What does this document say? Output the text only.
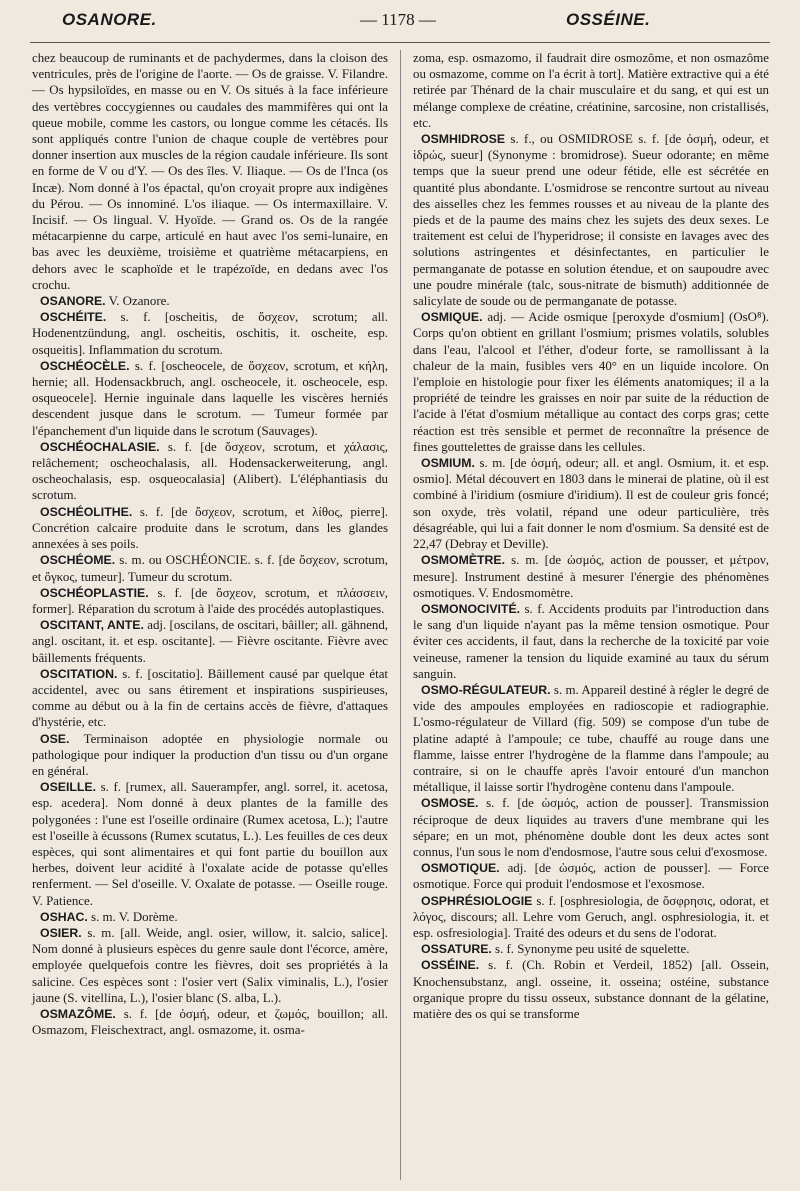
OSANORE.	— 1178 —	OSSÉINE.

chez beaucoup de ruminants et de pachydermes, dans la cloison des ventricules, près de l'origine de l'aorte. — Os de graisse. V. Filandre. — Os hypsiloïdes, en masse ou en V. Os situés à la face inférieure des vertèbres coccygiennes ou caudales des mammifères qui ont la queue mobile, comme les castors, ou longue comme les cétacés. Ils sont appliqués contre l'union de chaque couple de vertèbres pour donner insertion aux muscles de la région caudale inférieure. Ils sont en forme de V ou d'Y. — Os des îles. V. Iliaque. — Os de l'Inca (os Incæ). Nom donné à l'os épactal, qu'on croyait propre aux indigènes du Pérou. — Os innominé. L'os iliaque. — Os intermaxillaire. V. Incisif. — Os lingual. V. Hyoïde. — Grand os. Os de la rangée métacarpienne du carpe, articulé en haut avec l'os semi-lunaire, en bas avec les deuxième, troisième et quatrième métacarpiens, en dehors avec le scaphoïde et le trapézoïde, en dedans avec l'os crochu.

OSANORE. V. Ozanore.

OSCHÉITE. s. f. [oscheitis, de ὄσχεον, scrotum; all. Hodenentzündung, angl. oscheitis, oschitis, it. oscheite, esp. osqueitis]. Inflammation du scrotum.

OSCHÉOCÈLE. s. f. [oscheocele, de ὄσχεον, scrotum, et κήλη, hernie; all. Hodensackbruch, angl. oscheocele, it. oscheocele, esp. osqueocele]. Hernie inguinale dans laquelle les viscères herniés descendent jusque dans le scrotum. — Tumeur formée par l'épanchement d'un liquide dans le scrotum (Sauvages).

OSCHÉOCHALASIE. s. f. [de ὄσχεον, scrotum, et χάλασις, relâchement; oscheochalasis, all. Hodensackerweiterung, angl. oscheochalasis, esp. osqueocalasia] (Alibert). L'éléphantiasis du scrotum.

OSCHÉOLITHE. s. f. [de ὄσχεον, scrotum, et λίθος, pierre]. Concrétion calcaire produite dans le scrotum, dans les glandes annexées à ses poils.

OSCHÉOME. s. m. ou OSCHÉONCIE. s. f. [de ὄσχεον, scrotum, et ὄγκος, tumeur]. Tumeur du scrotum.

OSCHÉOPLASTIE. s. f. [de ὄσχεον, scrotum, et πλάσσειν, former]. Réparation du scrotum à l'aide des procédés autoplastiques.

OSCITANT, ANTE. adj. [oscilans, de oscitari, bâiller; all. gähnend, angl. oscitant, it. et esp. oscitante]. — Fièvre oscitante. Fièvre avec bâillements fréquents.

OSCITATION. s. f. [oscitatio]. Bâillement causé par quelque état accidentel, avec ou sans étirement et inspirations suspirieuses, comme au début ou à la fin de certains accès de fièvre, d'attaques d'hystérie, etc.

OSE. Terminaison adoptée en physiologie normale ou pathologique pour indiquer la production d'un tissu ou d'un organe en général.

OSEILLE. s. f. [rumex, all. Sauerampfer, angl. sorrel, it. acetosa, esp. acedera]. Nom donné à deux plantes de la famille des polygonées : l'une est l'oseille ordinaire (Rumex acetosa, L.); l'autre est l'oseille à écussons (Rumex scutatus, L.). Les feuilles de ces deux espèces, qui sont alimentaires et qui font partie du bouillon aux herbes, doivent leur acidité à l'oxalate acide de potasse qu'elles renferment. — Sel d'oseille. V. Oxalate de potasse. — Oseille rouge. V. Patience.

OSHAC. s. m. V. Dorème.

OSIER. s. m. [all. Weide, angl. osier, willow, it. salcio, salice]. Nom donné à plusieurs espèces du genre saule dont l'écorce, amère, employée quelquefois contre les fièvres, doit ses propriétés à la salicine. Ces espèces sont : l'osier vert (Salix viminalis, L.), l'osier jaune (S. vitellina, L.), l'osier blanc (S. alba, L.).

OSMAZÔME. s. f. [de ὀσμή, odeur, et ζωμός, bouillon; all. Osmazom, Fleischextract, angl. osmazome, it. osma-

zoma, esp. osmazomo, il faudrait dire osmozôme, et non osmazôme ou osmazome, comme on l'a écrit à tort]. Matière extractive qui a été retirée par Thénard de la chair musculaire et du sang, et qui est un mélange complexe de créatine, créatinine, sarcosine, non cristallisés, etc.

OSMHIDROSE s. f., ou OSMIDROSE s. f. [de ὀσμή, odeur, et ἱδρώς, sueur] (Synonyme : bromidrose). Sueur odorante; en même temps que la sueur prend une odeur fétide, elle est sécrétée en quantité plus abondante. L'osmidrose se rencontre surtout au niveau des aisselles chez les femmes rousses et au niveau de la plante des pieds et de la paume des mains chez les sujets des deux sexes. Le traitement est celui de l'hyperidrose; il consiste en lavages avec des solutions astringentes et désinfectantes, en particulier le permanganate de potasse en solution étendue, et on saupoudre avec une poudre minérale (talc, sous-nitrate de bismuth) additionnée de salicylate de soude ou de permanganate de potasse.

OSMIQUE. adj. — Acide osmique [peroxyde d'osmium] (OsO⁸). Corps qu'on obtient en grillant l'osmium; prismes volatils, solubles dans l'eau, l'alcool et l'éther, d'odeur forte, se ramollissant à la chaleur de la main, fusibles vers 40° en un liquide incolore. On l'emploie en histologie pour fixer les éléments anatomiques; il a la propriété de teindre les graisses en noir par suite de la réduction de l'acide à l'état d'osmium métallique au contact des corps gras; cette réaction est très sensible et permet de reconnaître la présence de fines gouttelettes de graisse dans les cellules.

OSMIUM. s. m. [de ὀσμή, odeur; all. et angl. Osmium, it. et esp. osmio]. Métal découvert en 1803 dans le minerai de platine, où il est combiné à l'iridium (osmiure d'iridium). Il est de couleur gris foncé; son oxyde, très volatil, répand une odeur particulière, très désagréable, qui lui a fait donner le nom d'osmium. Sa densité est de 22,47 (Debray et Deville).

OSMOMÈTRE. s. m. [de ὠσμός, action de pousser, et μέτρον, mesure]. Instrument destiné à mesurer l'énergie des phénomènes osmotiques. V. Endosmomètre.

OSMONOCIVITÉ. s. f. Accidents produits par l'introduction dans le sang d'un liquide n'ayant pas la même tension osmotique. Pour éviter ces accidents, il faut, dans la recherche de la toxicité par voie veineuse, ramener la tension du liquide examiné au taux du sérum sanguin.

OSMO-RÉGULATEUR. s. m. Appareil destiné à régler le degré de vide des ampoules employées en radioscopie et radiographie. L'osmo-régulateur de Villard (fig. 509) se compose d'un tube de platine adapté à l'ampoule; ce tube, chauffé au rouge dans une flamme, laisse entrer l'hydrogène de la flamme dans l'ampoule; au contraire, si on le chauffe après l'avoir entouré d'un manchon métallique, il laisse sortir l'hydrogène contenu dans l'ampoule.

OSMOSE. s. f. [de ὠσμός, action de pousser]. Transmission réciproque de deux liquides au travers d'une membrane qui les sépare; en un mot, phénomène double dont les deux actes sont connus, l'un sous le nom d'endosmose, l'autre sous celui d'exosmose.

OSMOTIQUE. adj. [de ὠσμός, action de pousser]. — Force osmotique. Force qui produit l'endosmose et l'exosmose.

OSPHRÉSIOLOGIE s. f. [osphresiologia, de ὄσφρησις, odorat, et λόγος, discours; all. Lehre vom Geruch, angl. osphresiologia, it. et esp. osfresiologia]. Traité des odeurs et du sens de l'odorat.

OSSATURE. s. f. Synonyme peu usité de squelette.

OSSÉINE. s. f. (Ch. Robin et Verdeil, 1852) [all. Ossein, Knochensubstanz, angl. osseine, it. osseina; ostéine, substance organique propre du tissu osseux, substance donnant de la gélatine, matière des os qui se transforme
